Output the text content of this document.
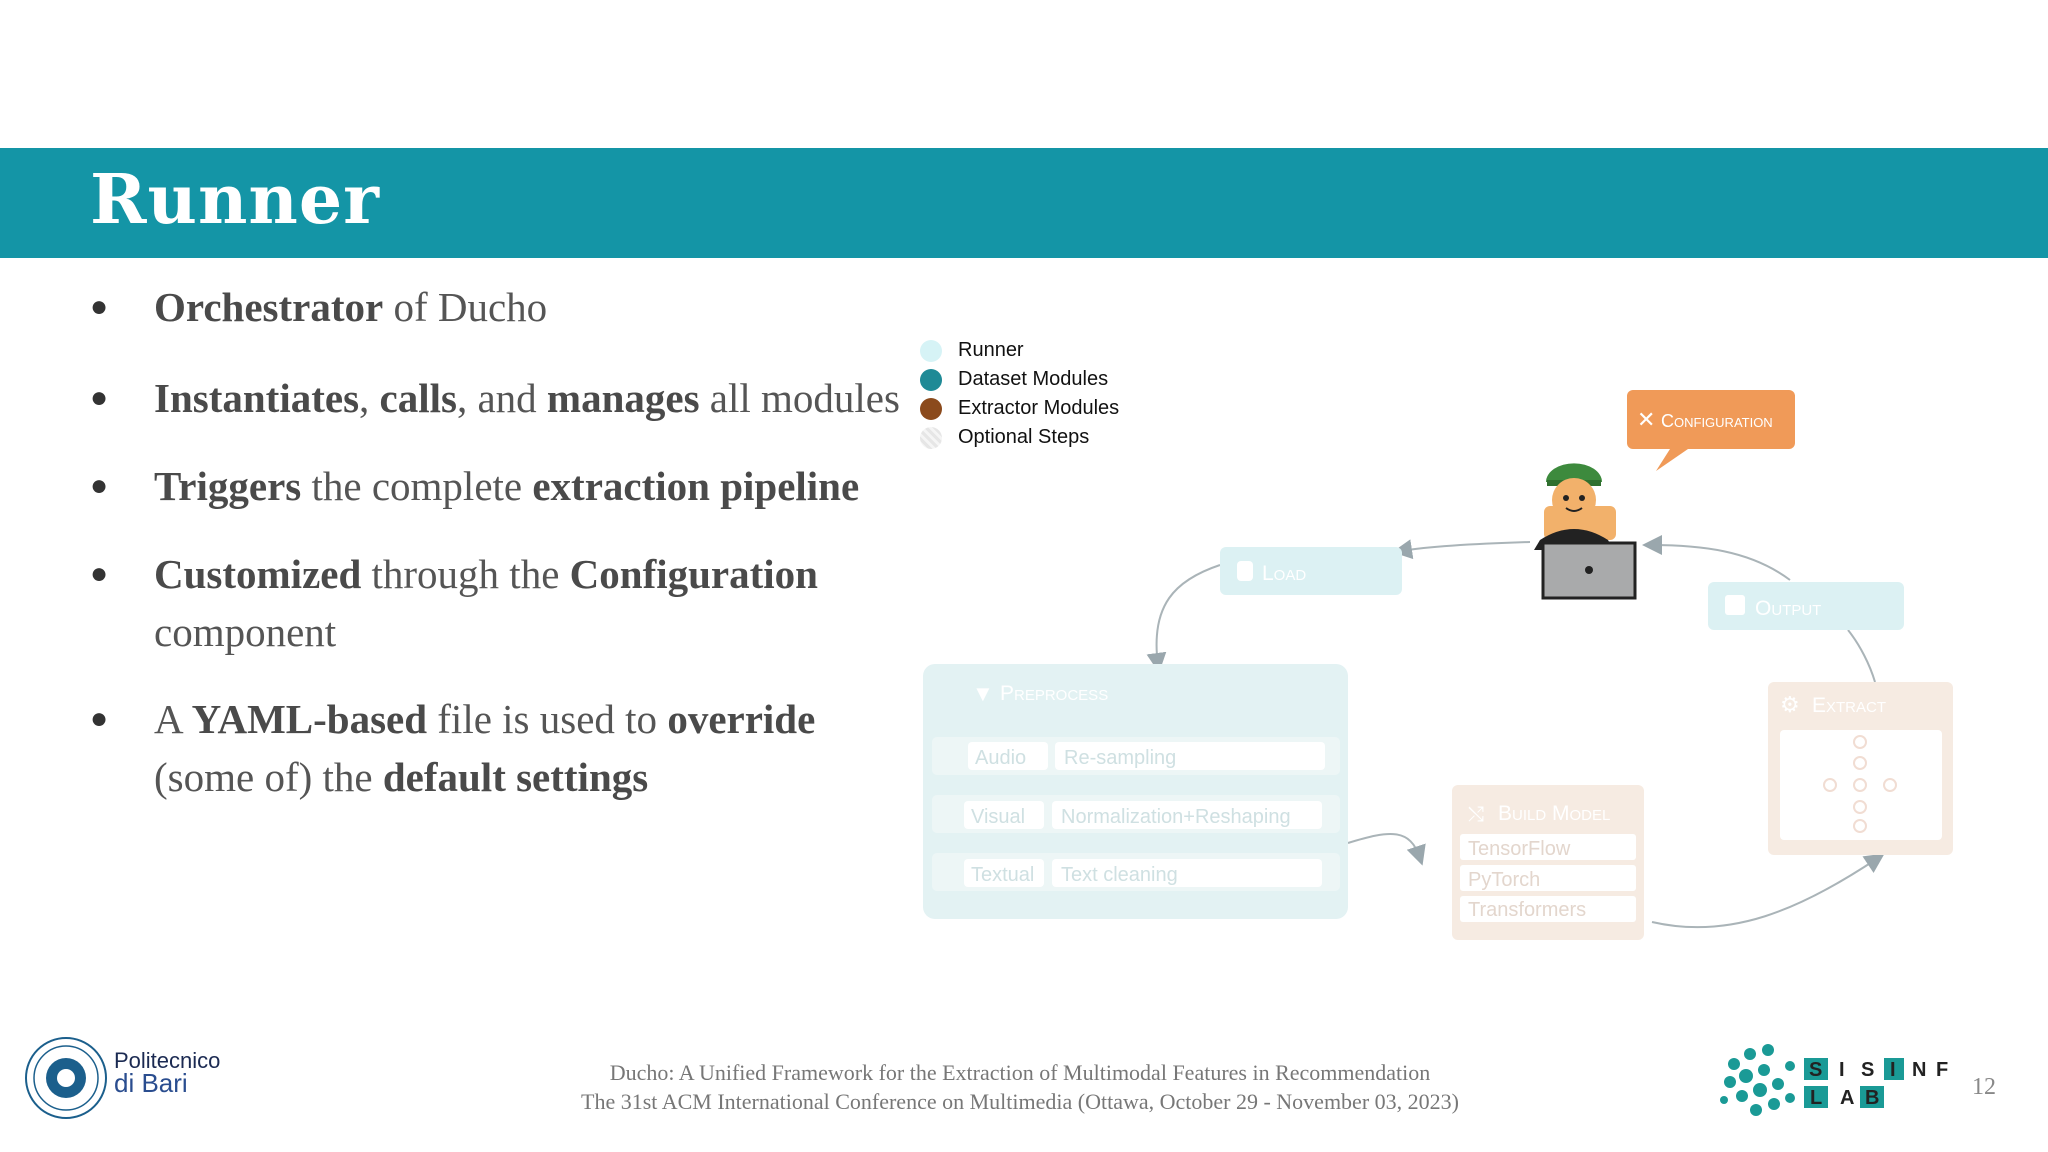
Runner
● Orchestrator of Ducho
● Instantiates, calls, and manages all modules
● Triggers the complete extraction pipeline
● Customized through the Configuration component
● A YAML-based file is used to override (some of) the default settings
Runner
Dataset Modules
Extractor Modules
Optional Steps
Load
Output
✕ Configuration
▼ Preprocess
Audio Re-sampling
Visual Normalization+Reshaping
Textual Text cleaning
⤭ Build Model
TensorFlow
PyTorch
Transformers
⚙ Extract
Politecnico
di Bari	Ducho: A Unified Framework for the Extraction of Multimodal Features in Recommendation
The 31st ACM International Conference on Multimedia (Ottawa, October 29 - November 03, 2023)
S I S I N F
L A B	12
